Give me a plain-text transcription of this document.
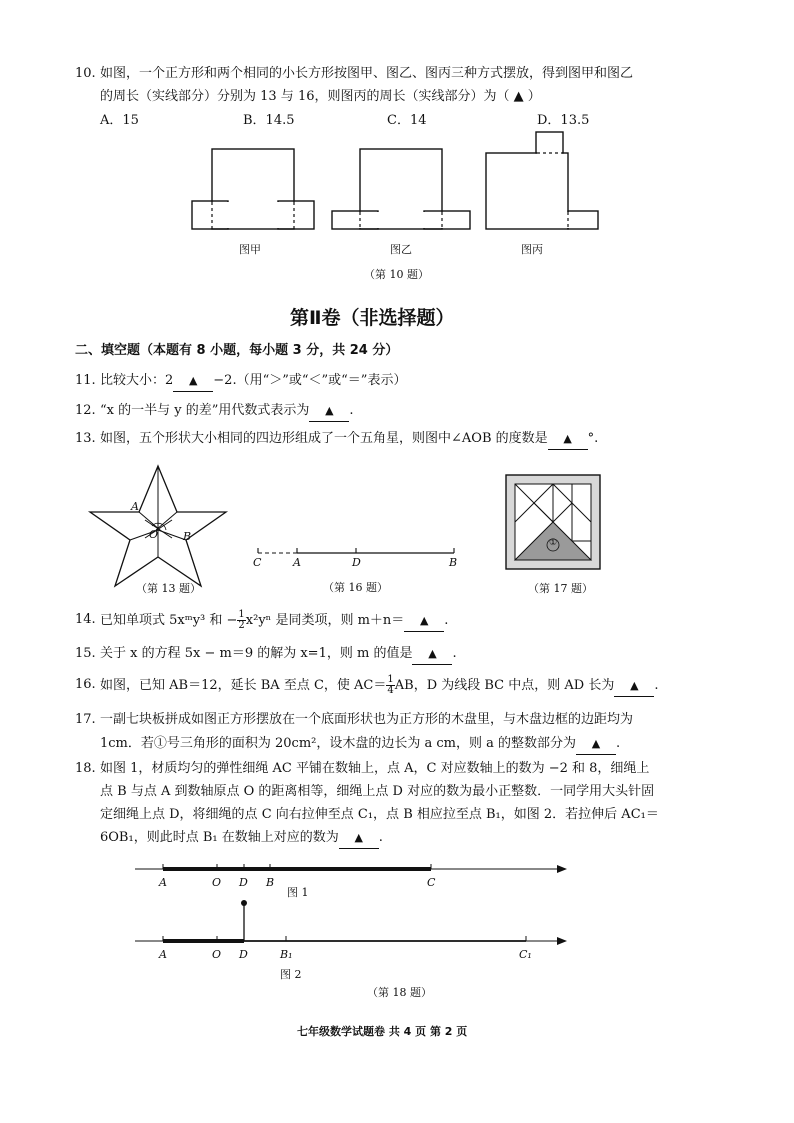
10. 如图，一个正方形和两个相同的小长方形按图甲、图乙、图丙三种方式摆放，得到图甲和图乙
的周长（实线部分）分别为 13 与 16，则图丙的周长（实线部分）为（ ▲ ）
A．15	B．14.5	C．14	D．13.5
图甲	图乙	图丙
（第 10 题）
第Ⅱ卷（非选择题）
二、填空题（本题有 8 小题，每小题 3 分，共 24 分）
11. 比较大小：2 ▲ −2.（用“＞”或“＜”或“＝”表示）
12. “x 的一半与 y 的差”用代数式表示为 ▲ .
13. 如图，五个形状大小相同的四边形组成了一个五角星，则图中∠AOB 的度数是 ▲ °.
A
O B
（第 13 题）
C	A	D	B
（第 16 题）
①
（第 17 题）
14. 已知单项式 5xᵐy³ 和 − $\frac{1}{2} x^2y^n$ 是同类项，则 m＋n＝ ▲ .
15. 关于 x 的方程 5x − m＝9 的解为 x=1，则 m 的值是 ▲ .
16. 如图，已知 AB＝12，延长 BA 至点 C，使 $AC= \frac{1}{4}$ AB，D 为线段 BC 中点，则 AD 长为 ▲ .
17. 一副七块板拼成如图正方形摆放在一个底面形状也为正方形的木盘里，与木盘边框的边距均为
1cm．若①号三角形的面积为 20cm²，设木盘的边长为 a cm，则 a 的整数部分为 ▲ .
18. 如图 1，材质均匀的弹性细绳 AC 平铺在数轴上，点 A，C 对应数轴上的数为 −2 和 8，细绳上
点 B 与点 A 到数轴原点 O 的距离相等，细绳上点 D 对应的数为最小正整数．一同学用大头针固
定细绳上点 D，将细绳的点 C 向右拉伸至点 C₁，点 B 相应拉至点 B₁，如图 2．若拉伸后 AC₁＝
6OB₁，则此时点 B₁ 在数轴上对应的数为 ▲ .
A	O D B	C
图 1
A	O D	B₁	C₁
图 2
（第 18 题）
七年级数学试题卷 共 4 页 第 2 页
